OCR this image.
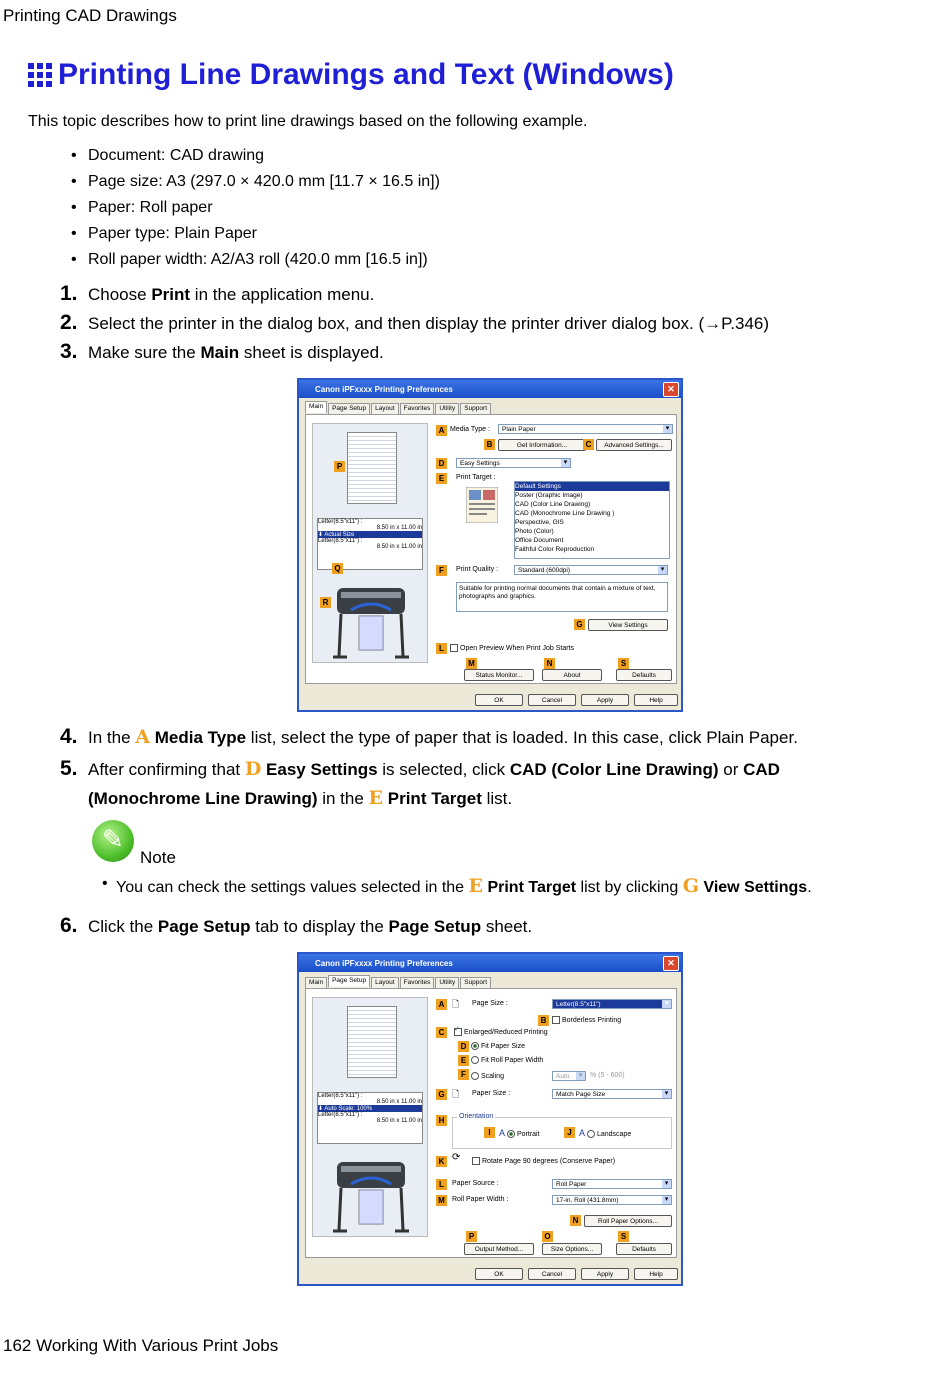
Printing CAD Drawings
Printing Line Drawings and Text (Windows)
This topic describes how to print line drawings based on the following example.
• Document: CAD drawing
• Page size: A3 (297.0 × 420.0 mm [11.7 × 16.5 in])
• Paper: Roll paper
• Paper type: Plain Paper
• Roll paper width: A2/A3 roll (420.0 mm [16.5 in])
1. Choose Print in the application menu.
2. Select the printer in the dialog box, and then display the printer driver dialog box. (→P.346)
3. Make sure the Main sheet is displayed.
Canon iPFxxxx Printing Preferences	✕
Main	Page Setup	Layout	Favorites	Utility	Support
Letter(8.5"x11") :
8.50 in x 11.00 in
⬇ Actual Size
Letter(8.5"x11") :
8.50 in x 11.00 in
A Media Type :	Plain Paper ▾
B	Get Information...	C	Advanced Settings...
D	Easy Settings ▾
E	Print Target :
Default Settings
Poster (Graphic Image)
CAD (Color Line Drawing)
CAD (Monochrome Line Drawing )
Perspective, GIS
Photo (Color)
Office Document
Faithful Color Reproduction
F	Print Quality :	Standard (600dpi) ▾
Suitable for printing normal documents that contain a mixture of text, photographs and graphics.
G	View Settings
L	Open Preview When Print Job Starts
M	N	S
Status Monitor...	About	Defaults
Q
P
R
OK	Cancel	Apply	Help
4. In the A Media Type list, select the type of paper that is loaded. In this case, click Plain Paper.
5. After confirming that D Easy Settings is selected, click CAD (Color Line Drawing) or CAD
(Monochrome Line Drawing) in the E Print Target list.
✎
Note
• You can check the settings values selected in the E Print Target list by clicking G View Settings.
6. Click the Page Setup tab to display the Page Setup sheet.
Canon iPFxxxx Printing Preferences	✕
Main	Page Setup	Layout	Favorites	Utility	Support
Letter(8.5"x11") :
8.50 in x 11.00 in
⬇ Auto Scale: 100%
Letter(8.5"x11") :
8.50 in x 11.00 in
A 🗋 Page Size :	Letter(8.5"x11") ▾
B	Borderless Printing
C
✓	Enlarged/Reduced Printing
D	Fit Paper Size
E	Fit Roll Paper Width
F	Scaling	Auto ▾	% (5 - 600)
G 🗋 Paper Size :	Match Page Size ▾
H	Orientation
I A Portrait	J A Landscape
K ⟳	Rotate Page 90 degrees (Conserve Paper)
L	Paper Source :	Roll Paper ▾
M	Roll Paper Width :	17-in. Roll (431.8mm) ▾
N	Roll Paper Options...
P	O	S
Output Method...	Size Options...	Defaults
OK	Cancel	Apply	Help
162 Working With Various Print Jobs
